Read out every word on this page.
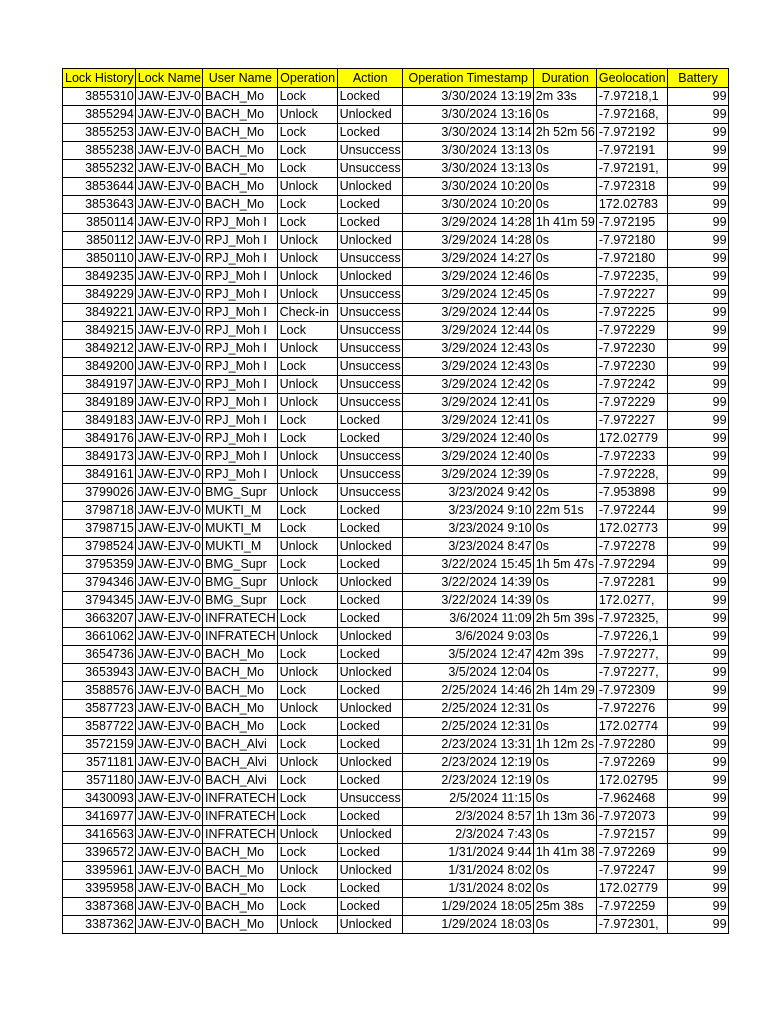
Lock History	Lock Name	User Name	Operation	Action	Operation Timestamp	Duration	Geolocation	Battery
3855310	JAW-EJV-0	BACH_Mo	Lock	Locked	3/30/2024 13:19	2m 33s	-7.97218,1	99
3855294	JAW-EJV-0	BACH_Mo	Unlock	Unlocked	3/30/2024 13:16	0s	-7.972168,	99
3855253	JAW-EJV-0	BACH_Mo	Lock	Locked	3/30/2024 13:14	2h 52m 56	-7.972192	99
3855238	JAW-EJV-0	BACH_Mo	Lock	Unsuccess	3/30/2024 13:13	0s	-7.972191	99
3855232	JAW-EJV-0	BACH_Mo	Lock	Unsuccess	3/30/2024 13:13	0s	-7.972191,	99
3853644	JAW-EJV-0	BACH_Mo	Unlock	Unlocked	3/30/2024 10:20	0s	-7.972318	99
3853643	JAW-EJV-0	BACH_Mo	Lock	Locked	3/30/2024 10:20	0s	172.02783	99
3850114	JAW-EJV-0	RPJ_Moh I	Lock	Locked	3/29/2024 14:28	1h 41m 59	-7.972195	99
3850112	JAW-EJV-0	RPJ_Moh I	Unlock	Unlocked	3/29/2024 14:28	0s	-7.972180	99
3850110	JAW-EJV-0	RPJ_Moh I	Unlock	Unsuccess	3/29/2024 14:27	0s	-7.972180	99
3849235	JAW-EJV-0	RPJ_Moh I	Unlock	Unlocked	3/29/2024 12:46	0s	-7.972235,	99
3849229	JAW-EJV-0	RPJ_Moh I	Unlock	Unsuccess	3/29/2024 12:45	0s	-7.972227	99
3849221	JAW-EJV-0	RPJ_Moh I	Check-in	Unsuccess	3/29/2024 12:44	0s	-7.972225	99
3849215	JAW-EJV-0	RPJ_Moh I	Lock	Unsuccess	3/29/2024 12:44	0s	-7.972229	99
3849212	JAW-EJV-0	RPJ_Moh I	Unlock	Unsuccess	3/29/2024 12:43	0s	-7.972230	99
3849200	JAW-EJV-0	RPJ_Moh I	Lock	Unsuccess	3/29/2024 12:43	0s	-7.972230	99
3849197	JAW-EJV-0	RPJ_Moh I	Unlock	Unsuccess	3/29/2024 12:42	0s	-7.972242	99
3849189	JAW-EJV-0	RPJ_Moh I	Unlock	Unsuccess	3/29/2024 12:41	0s	-7.972229	99
3849183	JAW-EJV-0	RPJ_Moh I	Lock	Locked	3/29/2024 12:41	0s	-7.972227	99
3849176	JAW-EJV-0	RPJ_Moh I	Lock	Locked	3/29/2024 12:40	0s	172.02779	99
3849173	JAW-EJV-0	RPJ_Moh I	Unlock	Unsuccess	3/29/2024 12:40	0s	-7.972233	99
3849161	JAW-EJV-0	RPJ_Moh I	Unlock	Unsuccess	3/29/2024 12:39	0s	-7.972228,	99
3799026	JAW-EJV-0	BMG_Supr	Unlock	Unsuccess	3/23/2024 9:42	0s	-7.953898	99
3798718	JAW-EJV-0	MUKTI_M	Lock	Locked	3/23/2024 9:10	22m 51s	-7.972244	99
3798715	JAW-EJV-0	MUKTI_M	Lock	Locked	3/23/2024 9:10	0s	172.02773	99
3798524	JAW-EJV-0	MUKTI_M	Unlock	Unlocked	3/23/2024 8:47	0s	-7.972278	99
3795359	JAW-EJV-0	BMG_Supr	Lock	Locked	3/22/2024 15:45	1h 5m 47s	-7.972294	99
3794346	JAW-EJV-0	BMG_Supr	Unlock	Unlocked	3/22/2024 14:39	0s	-7.972281	99
3794345	JAW-EJV-0	BMG_Supr	Lock	Locked	3/22/2024 14:39	0s	172.0277,	99
3663207	JAW-EJV-0	INFRATECH	Lock	Locked	3/6/2024 11:09	2h 5m 39s	-7.972325,	99
3661062	JAW-EJV-0	INFRATECH	Unlock	Unlocked	3/6/2024 9:03	0s	-7.97226,1	99
3654736	JAW-EJV-0	BACH_Mo	Lock	Locked	3/5/2024 12:47	42m 39s	-7.972277,	99
3653943	JAW-EJV-0	BACH_Mo	Unlock	Unlocked	3/5/2024 12:04	0s	-7.972277,	99
3588576	JAW-EJV-0	BACH_Mo	Lock	Locked	2/25/2024 14:46	2h 14m 29	-7.972309	99
3587723	JAW-EJV-0	BACH_Mo	Unlock	Unlocked	2/25/2024 12:31	0s	-7.972276	99
3587722	JAW-EJV-0	BACH_Mo	Lock	Locked	2/25/2024 12:31	0s	172.02774	99
3572159	JAW-EJV-0	BACH_Alvi	Lock	Locked	2/23/2024 13:31	1h 12m 2s	-7.972280	99
3571181	JAW-EJV-0	BACH_Alvi	Unlock	Unlocked	2/23/2024 12:19	0s	-7.972269	99
3571180	JAW-EJV-0	BACH_Alvi	Lock	Locked	2/23/2024 12:19	0s	172.02795	99
3430093	JAW-EJV-0	INFRATECH	Lock	Unsuccess	2/5/2024 11:15	0s	-7.962468	99
3416977	JAW-EJV-0	INFRATECH	Lock	Locked	2/3/2024 8:57	1h 13m 36	-7.972073	99
3416563	JAW-EJV-0	INFRATECH	Unlock	Unlocked	2/3/2024 7:43	0s	-7.972157	99
3396572	JAW-EJV-0	BACH_Mo	Lock	Locked	1/31/2024 9:44	1h 41m 38	-7.972269	99
3395961	JAW-EJV-0	BACH_Mo	Unlock	Unlocked	1/31/2024 8:02	0s	-7.972247	99
3395958	JAW-EJV-0	BACH_Mo	Lock	Locked	1/31/2024 8:02	0s	172.02779	99
3387368	JAW-EJV-0	BACH_Mo	Lock	Locked	1/29/2024 18:05	25m 38s	-7.972259	99
3387362	JAW-EJV-0	BACH_Mo	Unlock	Unlocked	1/29/2024 18:03	0s	-7.972301,	99
